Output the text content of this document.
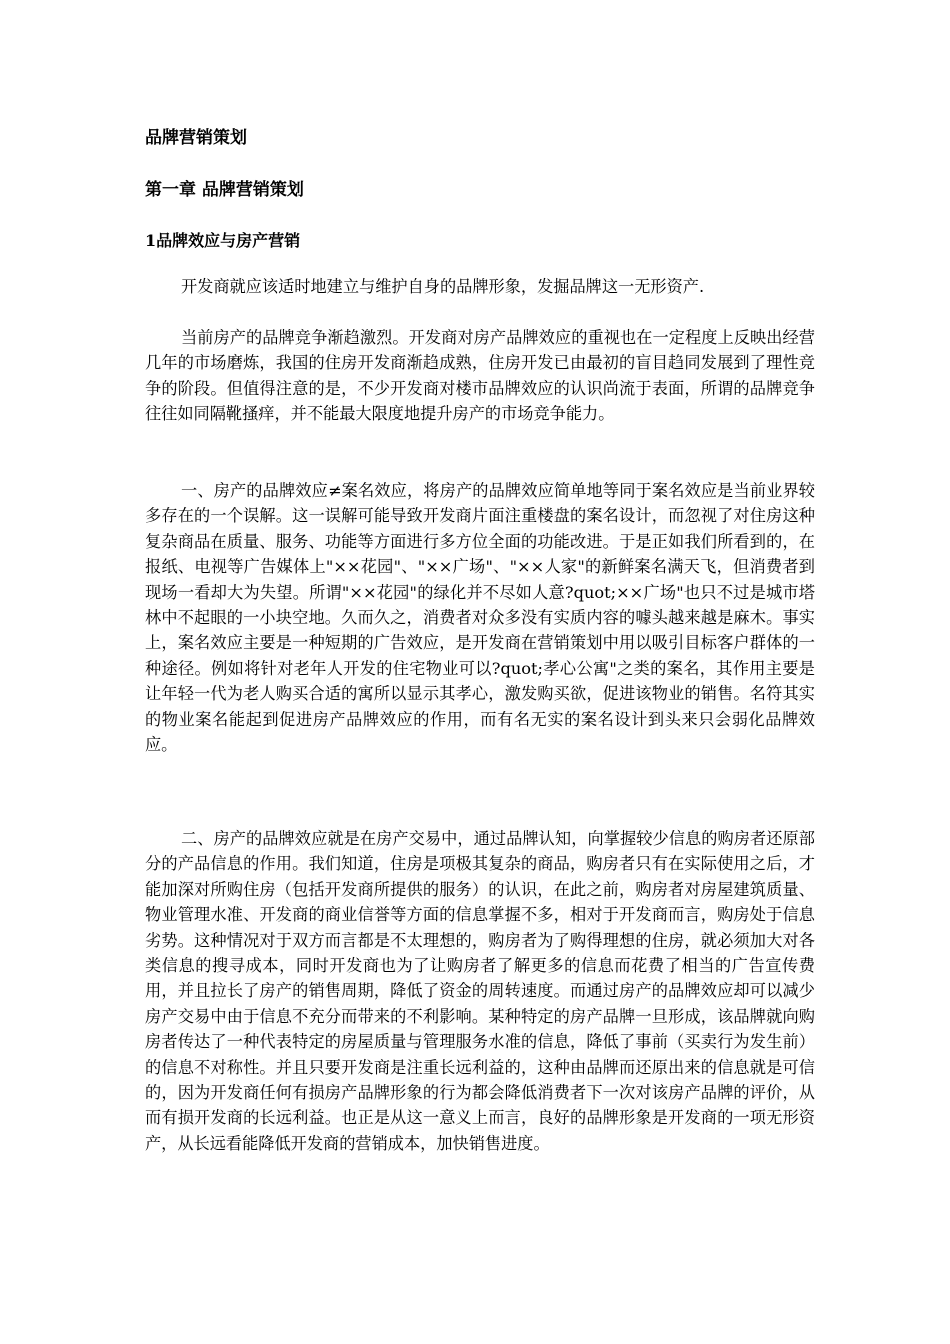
品牌营销策划
第一章 品牌营销策划
1品牌效应与房产营销

开发商就应该适时地建立与维护自身的品牌形象，发掘品牌这一无形资产.

当前房产的品牌竞争渐趋激烈。开发商对房产品牌效应的重视也在一定程度上反映出经营几年的市场磨炼，我国的住房开发商渐趋成熟，住房开发已由最初的盲目趋同发展到了理性竞争的阶段。但值得注意的是，不少开发商对楼市品牌效应的认识尚流于表面，所谓的品牌竞争往往如同隔靴搔痒，并不能最大限度地提升房产的市场竞争能力。

一、房产的品牌效应≠案名效应，将房产的品牌效应简单地等同于案名效应是当前业界较多存在的一个误解。这一误解可能导致开发商片面注重楼盘的案名设计，而忽视了对住房这种复杂商品在质量、服务、功能等方面进行多方位全面的功能改进。于是正如我们所看到的，在报纸、电视等广告媒体上"××花园"、"××广场"、"××人家"的新鲜案名满天飞，但消费者到现场一看却大为失望。所谓"××花园"的绿化并不尽如人意?quot;××广场"也只不过是城市塔林中不起眼的一小块空地。久而久之，消费者对众多没有实质内容的噱头越来越是麻木。事实上，案名效应主要是一种短期的广告效应，是开发商在营销策划中用以吸引目标客户群体的一种途径。例如将针对老年人开发的住宅物业可以?quot;孝心公寓"之类的案名，其作用主要是让年轻一代为老人购买合适的寓所以显示其孝心，激发购买欲，促进该物业的销售。名符其实的物业案名能起到促进房产品牌效应的作用，而有名无实的案名设计到头来只会弱化品牌效应。

二、房产的品牌效应就是在房产交易中，通过品牌认知，向掌握较少信息的购房者还原部分的产品信息的作用。我们知道，住房是项极其复杂的商品，购房者只有在实际使用之后，才能加深对所购住房（包括开发商所提供的服务）的认识，在此之前，购房者对房屋建筑质量、物业管理水准、开发商的商业信誉等方面的信息掌握不多，相对于开发商而言，购房处于信息劣势。这种情况对于双方而言都是不太理想的，购房者为了购得理想的住房，就必须加大对各类信息的搜寻成本，同时开发商也为了让购房者了解更多的信息而花费了相当的广告宣传费用，并且拉长了房产的销售周期，降低了资金的周转速度。而通过房产的品牌效应却可以减少房产交易中由于信息不充分而带来的不利影响。某种特定的房产品牌一旦形成，该品牌就向购房者传达了一种代表特定的房屋质量与管理服务水准的信息，降低了事前（买卖行为发生前）的信息不对称性。并且只要开发商是注重长远利益的，这种由品牌而还原出来的信息就是可信的，因为开发商任何有损房产品牌形象的行为都会降低消费者下一次对该房产品牌的评价，从而有损开发商的长远利益。也正是从这一意义上而言，良好的品牌形象是开发商的一项无形资产，从长远看能降低开发商的营销成本，加快销售进度。
